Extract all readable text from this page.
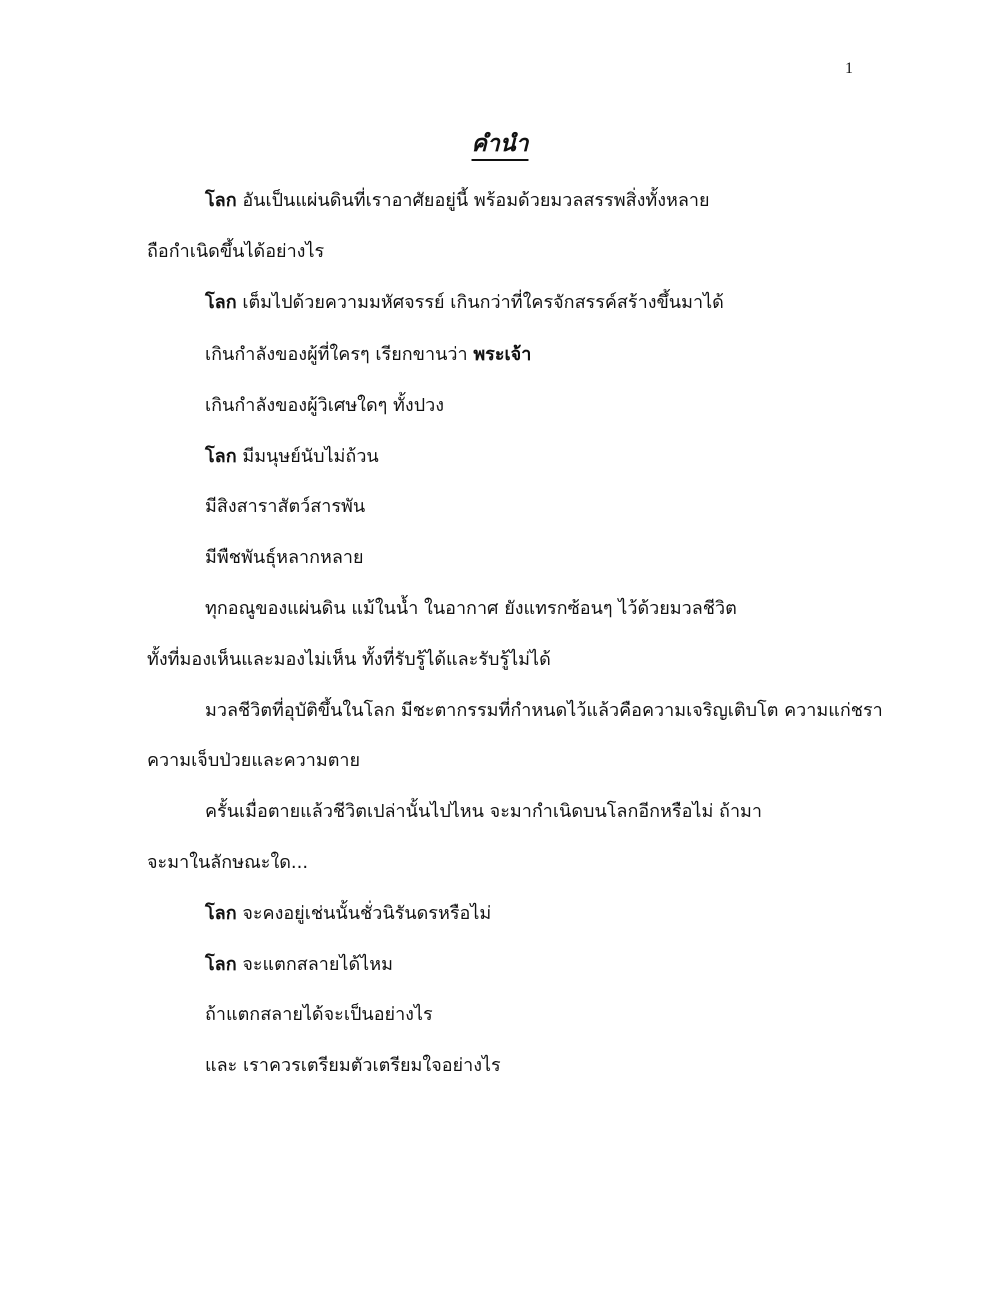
1
คำนำ
โลก อันเป็นแผ่นดินที่เราอาศัยอยู่นี้ พร้อมด้วยมวลสรรพสิ่งทั้งหลาย
ถือกำเนิดขึ้นได้อย่างไร
โลก เต็มไปด้วยความมหัศจรรย์ เกินกว่าที่ใครจักสรรค์สร้างขึ้นมาได้
เกินกำลังของผู้ที่ใครๆ เรียกขานว่า พระเจ้า
เกินกำลังของผู้วิเศษใดๆ ทั้งปวง
โลก มีมนุษย์นับไม่ถ้วน
มีสิงสาราสัตว์สารพัน
มีพืชพันธุ์หลากหลาย
ทุกอณูของแผ่นดิน แม้ในน้ำ ในอากาศ ยังแทรกซ้อนๆ ไว้ด้วยมวลชีวิต
ทั้งที่มองเห็นและมองไม่เห็น ทั้งที่รับรู้ได้และรับรู้ไม่ได้
มวลชีวิตที่อุบัติขึ้นในโลก มีชะตากรรมที่กำหนดไว้แล้วคือความเจริญเติบโต ความแก่ชรา
ความเจ็บป่วยและความตาย
ครั้นเมื่อตายแล้วชีวิตเปล่านั้นไปไหน จะมากำเนิดบนโลกอีกหรือไม่ ถ้ามา
จะมาในลักษณะใด...
โลก จะคงอยู่เช่นนั้นชั่วนิรันดรหรือไม่
โลก จะแตกสลายได้ไหม
ถ้าแตกสลายได้จะเป็นอย่างไร
และ เราควรเตรียมตัวเตรียมใจอย่างไร
